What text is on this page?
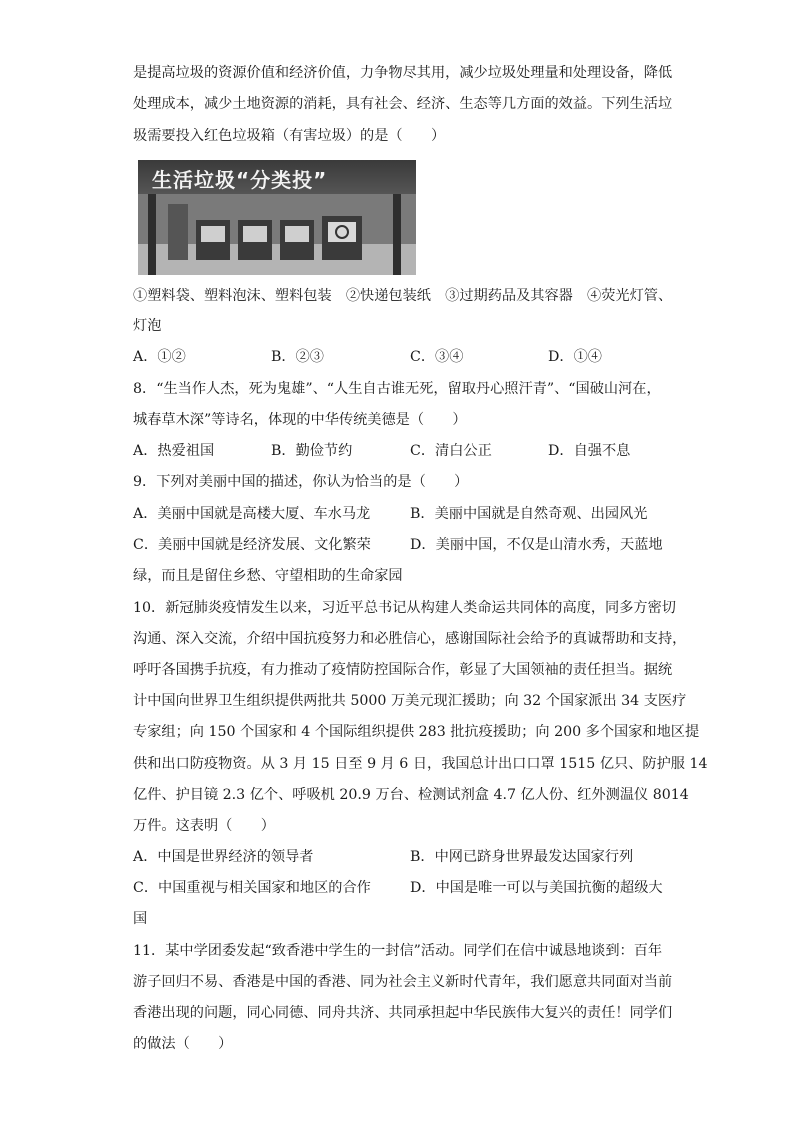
是提高垃圾的资源价值和经济价值，力争物尽其用，减少垃圾处理量和处理设备，降低
处理成本，减少土地资源的消耗，具有社会、经济、生态等几方面的效益。下列生活垃
圾需要投入红色垃圾箱（有害垃圾）的是（　　）
生活垃圾“分类投”
①塑料袋、塑料泡沫、塑料包装　②快递包装纸　③过期药品及其容器　④荧光灯管、
灯泡
A．①②	B．②③	C．③④	D．①④
8．“生当作人杰，死为鬼雄”、“人生自古谁无死，留取丹心照汗青”、“国破山河在，
城春草木深”等诗名，体现的中华传统美德是（　　）
A．热爱祖国	B．勤俭节约	C．清白公正	D．自强不息
9．下列对美丽中国的描述，你认为恰当的是（　　）
A．美丽中国就是高楼大厦、车水马龙	B．美丽中国就是自然奇观、出园风光
C．美丽中国就是经济发展、文化繁荣	D．美丽中国，不仅是山清水秀，天蓝地
绿，而且是留住乡愁、守望相助的生命家园
10．新冠肺炎疫情发生以来，习近平总书记从构建人类命运共同体的高度，同多方密切
沟通、深入交流，介绍中国抗疫努力和必胜信心，感谢国际社会给予的真诚帮助和支持，
呼吁各国携手抗疫，有力推动了疫情防控国际合作，彰显了大国领袖的责任担当。据统
计中国向世界卫生组织提供两批共 5000 万美元现汇援助；向 32 个国家派出 34 支医疗
专家组；向 150 个国家和 4 个国际组织提供 283 批抗疫援助；向 200 多个国家和地区提
供和出口防疫物资。从 3 月 15 日至 9 月 6 日，我国总计出口口罩 1515 亿只、防护服 14
亿件、护目镜 2.3 亿个、呼吸机 20.9 万台、检测试剂盒 4.7 亿人份、红外测温仪 8014
万件。这表明（　　）
A．中国是世界经济的领导者	B．中网已跻身世界最发达国家行列
C．中国重视与相关国家和地区的合作	D．中国是唯一可以与美国抗衡的超级大
国
11．某中学团委发起“致香港中学生的一封信”活动。同学们在信中诚恳地谈到：百年
游子回归不易、香港是中国的香港、同为社会主义新时代青年，我们愿意共同面对当前
香港出现的问题，同心同德、同舟共济、共同承担起中华民族伟大复兴的责任！同学们
的做法（　　）
